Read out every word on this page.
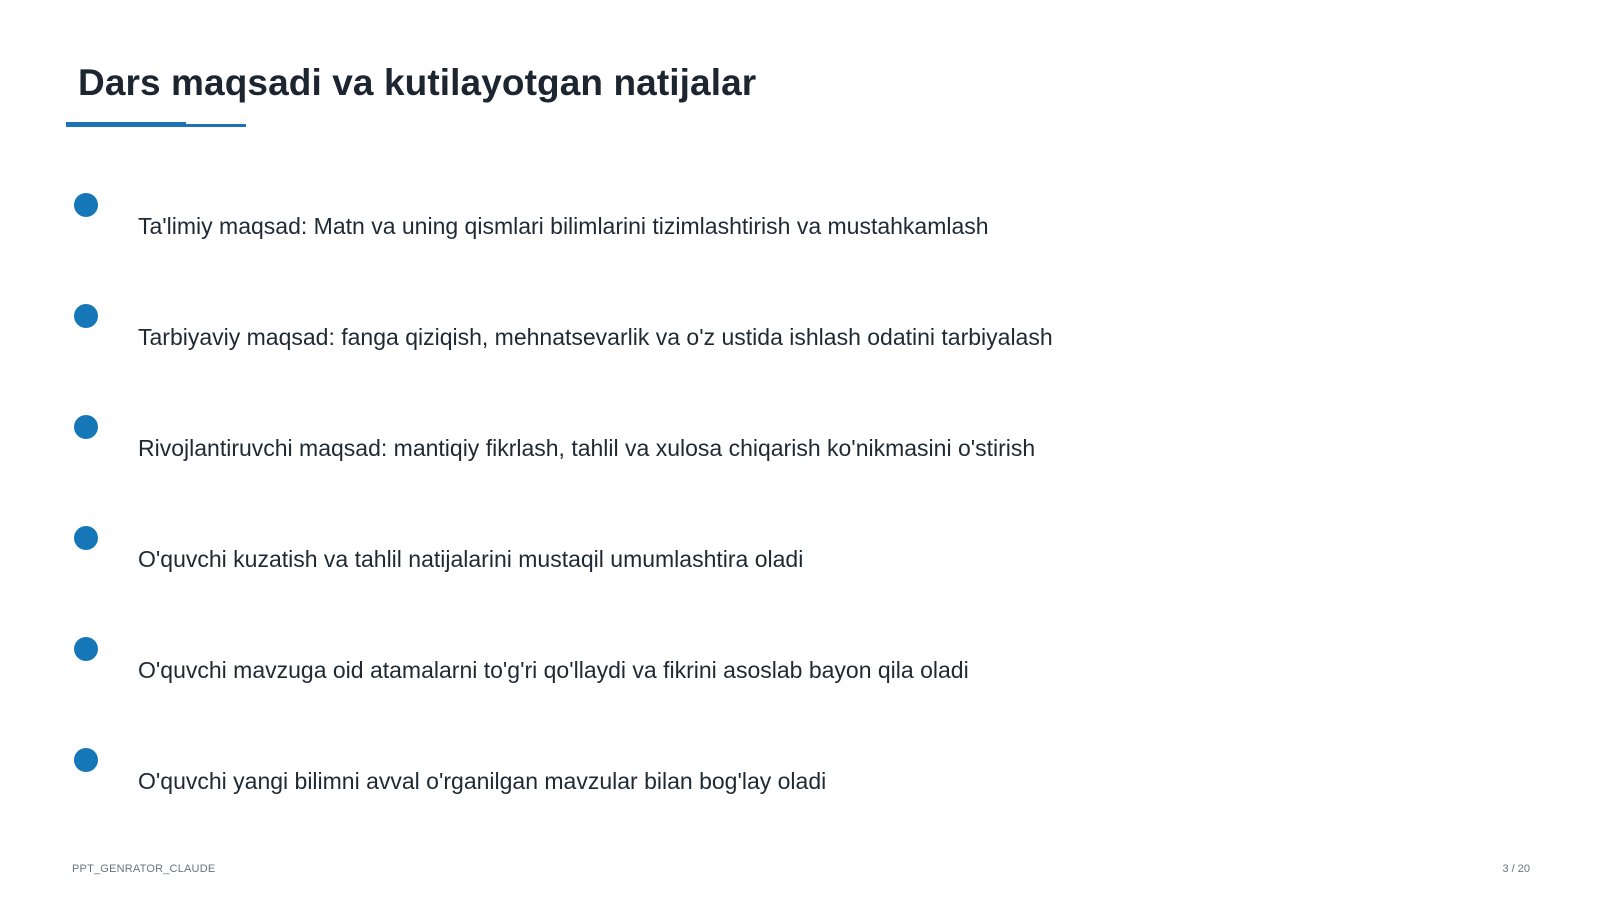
Dars maqsadi va kutilayotgan natijalar
Ta'limiy maqsad: Matn va uning qismlari bilimlarini tizimlashtirish va mustahkamlash
Tarbiyaviy maqsad: fanga qiziqish, mehnatsevarlik va o'z ustida ishlash odatini tarbiyalash
Rivojlantiruvchi maqsad: mantiqiy fikrlash, tahlil va xulosa chiqarish ko'nikmasini o'stirish
O'quvchi kuzatish va tahlil natijalarini mustaqil umumlashtira oladi
O'quvchi mavzuga oid atamalarni to'g'ri qo'llaydi va fikrini asoslab bayon qila oladi
O'quvchi yangi bilimni avval o'rganilgan mavzular bilan bog'lay oladi
PPT_GENRATOR_CLAUDE	3 / 20
